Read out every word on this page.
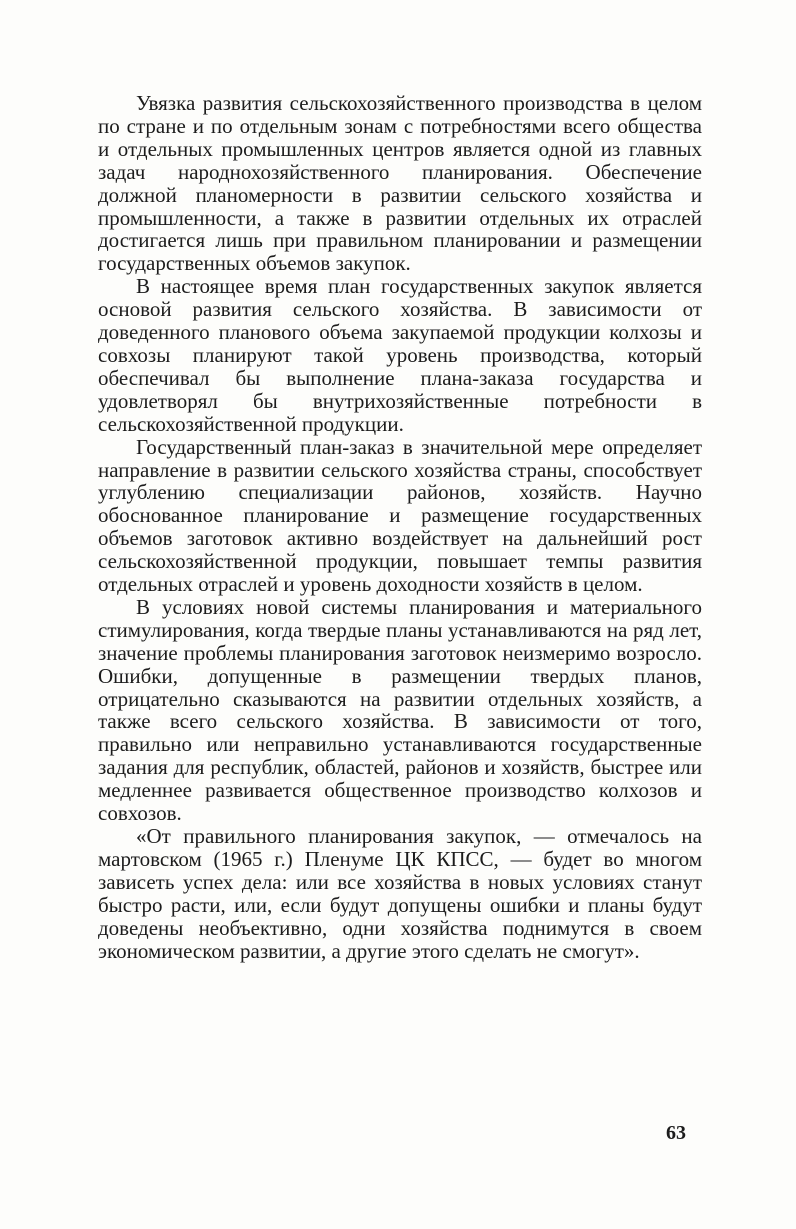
Увязка развития сельскохозяйственного производства в целом по стране и по отдельным зонам с потребностями всего общества и отдельных промышленных центров является одной из главных задач народнохозяйственного планирования. Обеспечение должной планомерности в развитии сельского хозяйства и промышленности, а также в развитии отдельных их отраслей достигается лишь при правильном планировании и размещении государственных объемов закупок.

В настоящее время план государственных закупок является основой развития сельского хозяйства. В зависимости от доведенного планового объема закупаемой продукции колхозы и совхозы планируют такой уровень производства, который обеспечивал бы выполнение плана-заказа государства и удовлетворял бы внутрихозяйственные потребности в сельскохозяйственной продукции.

Государственный план-заказ в значительной мере определяет направление в развитии сельского хозяйства страны, способствует углублению специализации районов, хозяйств. Научно обоснованное планирование и размещение государственных объемов заготовок активно воздействует на дальнейший рост сельскохозяйственной продукции, повышает темпы развития отдельных отраслей и уровень доходности хозяйств в целом.

В условиях новой системы планирования и материального стимулирования, когда твердые планы устанавливаются на ряд лет, значение проблемы планирования заготовок неизмеримо возросло. Ошибки, допущенные в размещении твердых планов, отрицательно сказываются на развитии отдельных хозяйств, а также всего сельского хозяйства. В зависимости от того, правильно или неправильно устанавливаются государственные задания для республик, областей, районов и хозяйств, быстрее или медленнее развивается общественное производство колхозов и совхозов.

«От правильного планирования закупок, — отмечалось на мартовском (1965 г.) Пленуме ЦК КПСС, — будет во многом зависеть успех дела: или все хозяйства в новых условиях станут быстро расти, или, если будут допущены ошибки и планы будут доведены необъективно, одни хозяйства поднимутся в своем экономическом развитии, а другие этого сделать не смогут».

63
